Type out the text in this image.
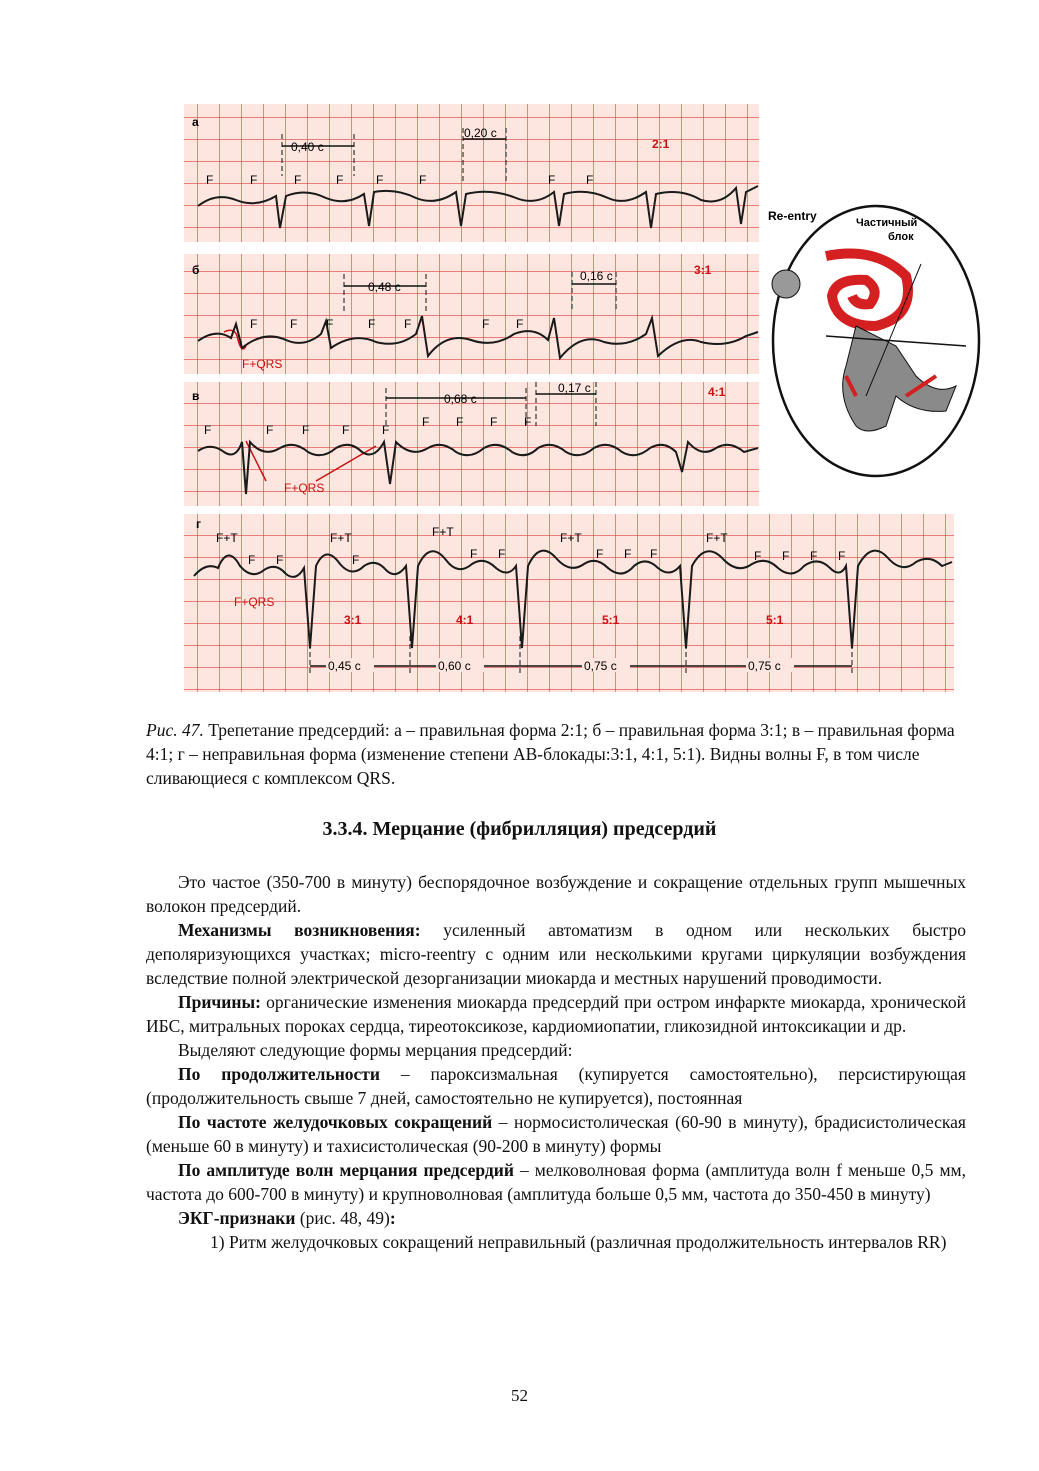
a
2:1
0,40 c
0,20 c
F	F	F	F	F	F	F	F
б	3:1
0,48 c
0,16 c
F	F F	F F	F F
F+QRS
в	4:1
0,68 c
0,17 c
F	F F	F	F
F F F F
F+QRS
г
F+T	F+T	F+T	F+T	F+T
F F	F	F F	F F F	F F F F
F+QRS
3:1	4:1	5:1	5:1
0,45 c	0,60 c	0,75 c	0,75 c
Re-entry	Частичный
блок
Рис. 47. Трепетание предсердий: а – правильная форма 2:1; б – правильная форма 3:1; в – правильная форма 4:1; г – неправильная форма (изменение степени АВ-блокады:3:1, 4:1, 5:1). Видны волны F, в том числе сливающиеся с комплексом QRS.
3.3.4. Мерцание (фибрилляция) предсердий

Это частое (350-700 в минуту) беспорядочное возбуждение и сокращение отдельных групп мышечных волокон предсердий.

Механизмы возникновения: усиленный автоматизм в одном или нескольких быстро деполяризующихся участках; micro-reentry с одним или несколькими кругами циркуляции возбуждения вследствие полной электрической дезорганизации миокарда и местных нарушений проводимости.

Причины: органические изменения миокарда предсердий при остром инфаркте миокарда, хронической ИБС, митральных пороках сердца, тиреотоксикозе, кардиомиопатии, гликозидной интоксикации и др.

Выделяют следующие формы мерцания предсердий:

По продолжительности – пароксизмальная (купируется самостоятельно), персистирующая (продолжительность свыше 7 дней, самостоятельно не купируется), постоянная

По частоте желудочковых сокращений – нормосистолическая (60-90 в минуту), брадисистолическая (меньше 60 в минуту) и тахисистолическая (90-200 в минуту) формы

По амплитуде волн мерцания предсердий – мелковолновая форма (амплитуда волн f меньше 0,5 мм, частота до 600-700 в минуту) и крупноволновая (амплитуда больше 0,5 мм, частота до 350-450 в минуту)

ЭКГ-признаки (рис. 48, 49):

1) Ритм желудочковых сокращений неправильный (различная продолжительность интервалов RR)

52
